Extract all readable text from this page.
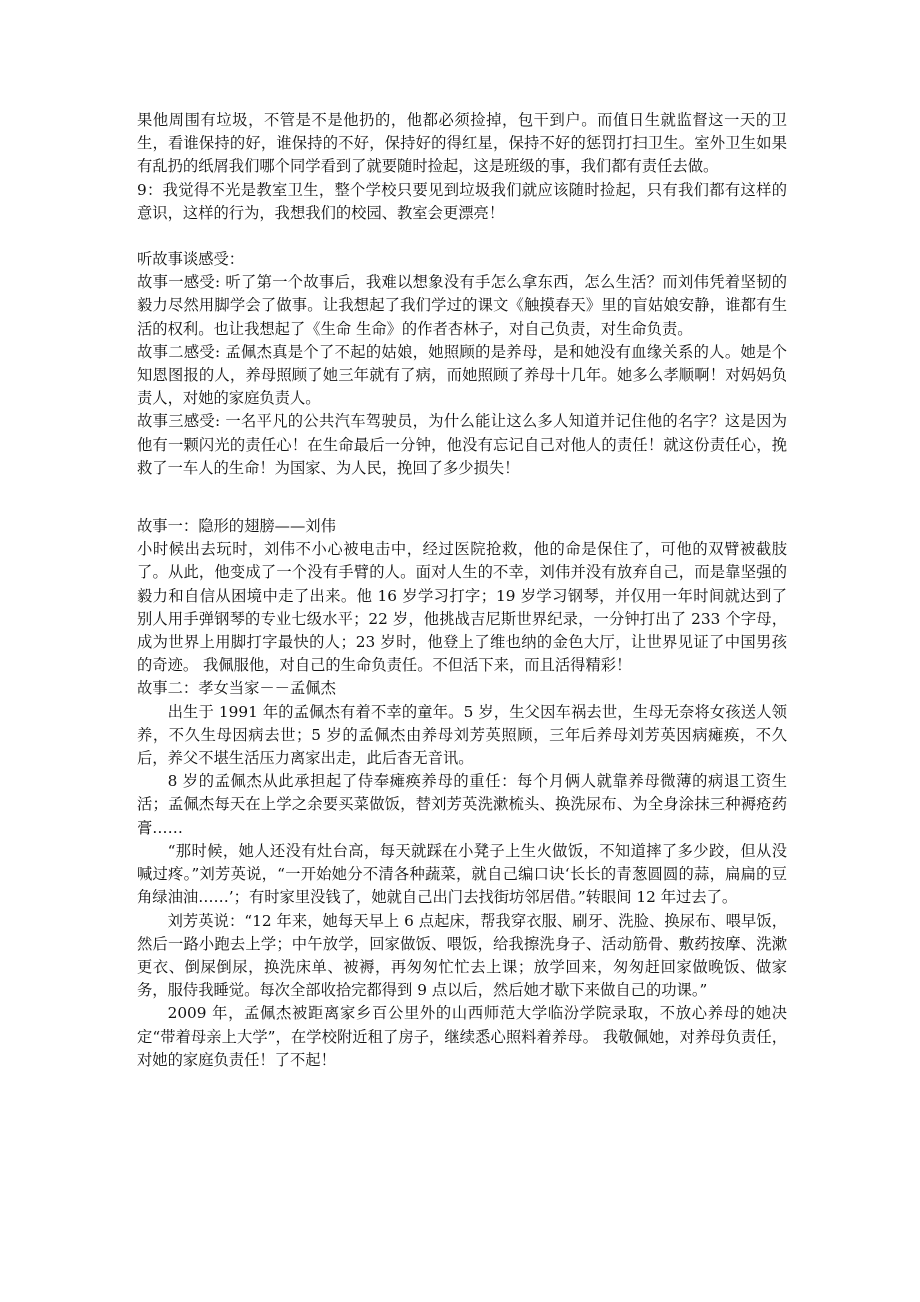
果他周围有垃圾，不管是不是他扔的，他都必须捡掉，包干到户。而值日生就监督这一天的卫生，看谁保持的好，谁保持的不好，保持好的得红星，保持不好的惩罚打扫卫生。室外卫生如果有乱扔的纸屑我们哪个同学看到了就要随时捡起，这是班级的事，我们都有责任去做。

9：我觉得不光是教室卫生，整个学校只要见到垃圾我们就应该随时捡起，只有我们都有这样的意识，这样的行为，我想我们的校园、教室会更漂亮！

听故事谈感受：

故事一感受: 听了第一个故事后，我难以想象没有手怎么拿东西，怎么生活？而刘伟凭着坚韧的毅力尽然用脚学会了做事。让我想起了我们学过的课文《触摸春天》里的盲姑娘安静，谁都有生活的权利。也让我想起了《生命 生命》的作者杏林子，对自己负责，对生命负责。

故事二感受: 孟佩杰真是个了不起的姑娘，她照顾的是养母，是和她没有血缘关系的人。她是个知恩图报的人，养母照顾了她三年就有了病，而她照顾了养母十几年。她多么孝顺啊！对妈妈负责人，对她的家庭负责人。

故事三感受: 一名平凡的公共汽车驾驶员，为什么能让这么多人知道并记住他的名字？这是因为他有一颗闪光的责任心！在生命最后一分钟，他没有忘记自己对他人的责任！就这份责任心，挽救了一车人的生命！为国家、为人民，挽回了多少损失！

故事一：隐形的翅膀——刘伟

小时候出去玩时，刘伟不小心被电击中，经过医院抢救，他的命是保住了，可他的双臂被截肢了。从此，他变成了一个没有手臂的人。面对人生的不幸，刘伟并没有放弃自己，而是靠坚强的毅力和自信从困境中走了出来。他 16 岁学习打字；19 岁学习钢琴，并仅用一年时间就达到了别人用手弹钢琴的专业七级水平；22 岁，他挑战吉尼斯世界纪录，一分钟打出了 233 个字母，成为世界上用脚打字最快的人；23 岁时，他登上了维也纳的金色大厅，让世界见证了中国男孩的奇迹。 我佩服他，对自己的生命负责任。不但活下来，而且活得精彩！

故事二：孝女当家－－孟佩杰

出生于 1991 年的孟佩杰有着不幸的童年。5 岁，生父因车祸去世，生母无奈将女孩送人领养，不久生母因病去世；5 岁的孟佩杰由养母刘芳英照顾，三年后养母刘芳英因病瘫痪，不久后，养父不堪生活压力离家出走，此后杳无音讯。

8 岁的孟佩杰从此承担起了侍奉瘫痪养母的重任：每个月俩人就靠养母微薄的病退工资生活；孟佩杰每天在上学之余要买菜做饭，替刘芳英洗漱梳头、换洗尿布、为全身涂抹三种褥疮药膏……

“那时候，她人还没有灶台高，每天就踩在小凳子上生火做饭，不知道摔了多少跤，但从没喊过疼。”刘芳英说，“一开始她分不清各种蔬菜，就自己编口诀‘长长的青葱圆圆的蒜，扁扁的豆角绿油油……’；有时家里没钱了，她就自己出门去找街坊邻居借。”转眼间 12 年过去了。

刘芳英说：“12 年来，她每天早上 6 点起床，帮我穿衣服、刷牙、洗脸、换尿布、喂早饭，然后一路小跑去上学；中午放学，回家做饭、喂饭，给我擦洗身子、活动筋骨、敷药按摩、洗漱更衣、倒屎倒尿，换洗床单、被褥，再匆匆忙忙去上课；放学回来，匆匆赶回家做晚饭、做家务，服侍我睡觉。每次全部收拾完都得到 9 点以后，然后她才歇下来做自己的功课。”

2009 年，孟佩杰被距离家乡百公里外的山西师范大学临汾学院录取，不放心养母的她决定“带着母亲上大学”，在学校附近租了房子，继续悉心照料着养母。 我敬佩她，对养母负责任，对她的家庭负责任！了不起！
